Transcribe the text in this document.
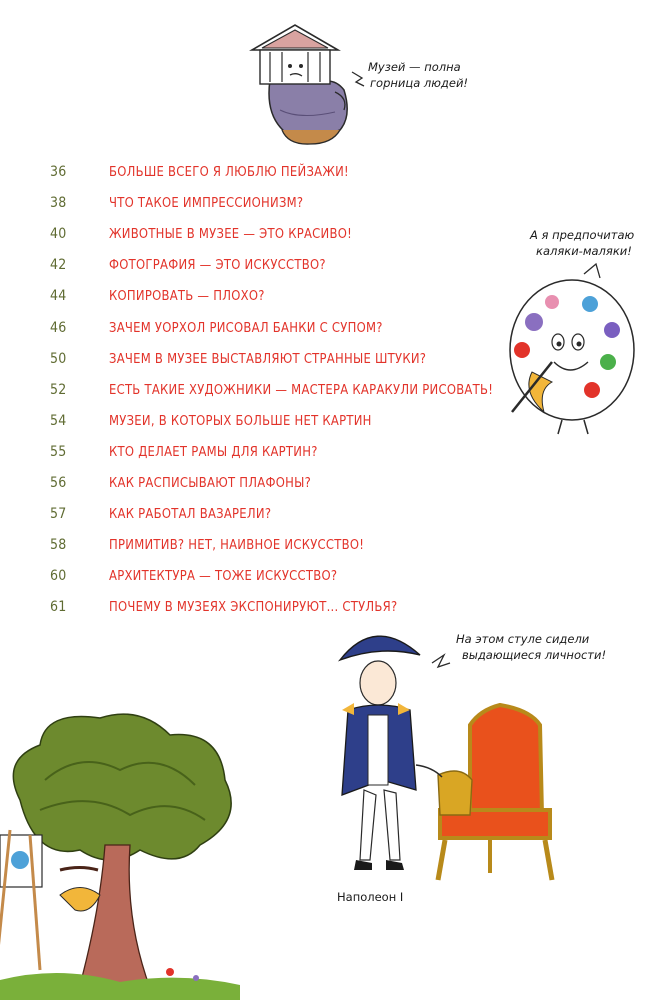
Музей — полна
горница людей!
36	БОЛЬШЕ ВСЕГО Я ЛЮБЛЮ ПЕЙЗАЖИ!
38	ЧТО ТАКОЕ ИМПРЕССИОНИЗМ?
40	ЖИВОТНЫЕ В МУЗЕЕ — ЭТО КРАСИВО!
42	ФОТОГРАФИЯ — ЭТО ИСКУССТВО?
44	КОПИРОВАТЬ — ПЛОХО?
46	ЗАЧЕМ УОРХОЛ РИСОВАЛ БАНКИ С СУПОМ?
50	ЗАЧЕМ В МУЗЕЕ ВЫСТАВЛЯЮТ СТРАННЫЕ ШТУКИ?
52	ЕСТЬ ТАКИЕ ХУДОЖНИКИ — МАСТЕРА КАРАКУЛИ РИСОВАТЬ!
54	МУЗЕИ, В КОТОРЫХ БОЛЬШЕ НЕТ КАРТИН
55	КТО ДЕЛАЕТ РАМЫ ДЛЯ КАРТИН?
56	КАК РАСПИСЫВАЮТ ПЛАФОНЫ?
57	КАК РАБОТАЛ ВАЗАРЕЛИ?
58	ПРИМИТИВ? НЕТ, НАИВНОЕ ИСКУССТВО!
60	АРХИТЕКТУРА — ТОЖЕ ИСКУССТВО?
61	ПОЧЕМУ В МУЗЕЯХ ЭКСПОНИРУЮТ... СТУЛЬЯ?
А я предпочитаю
каляки-маляки!
На этом стуле сидели
выдающиеся личности!
Наполеон I
